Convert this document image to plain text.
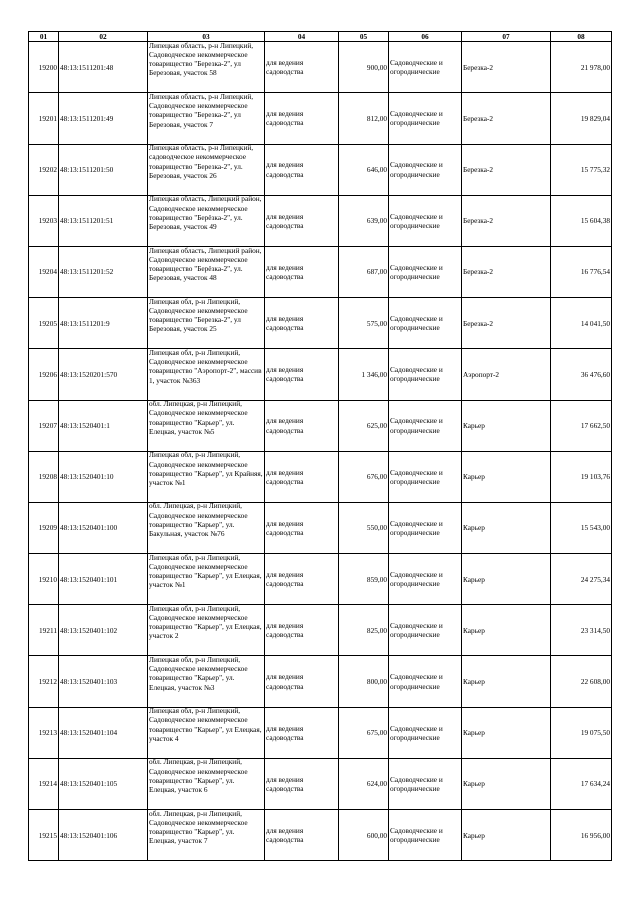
01	02	03	04	05	06	07	08
19200	48:13:1511201:48	Липецкая область, р-н Липецкий, Садоводческое некоммерческое товарищество "Березка-2", ул Березовая, участок 58	для ведения садоводства	900,00	Садоводческие и огороднические	Березка-2	21 978,00
19201	48:13:1511201:49	Липецкая область, р-н Липецкий, Садоводческое некоммерческое товарищество "Березка-2", ул Березовая, участок 7	для ведения садоводства	812,00	Садоводческие и огороднические	Березка-2	19 829,04
19202	48:13:1511201:50	Липецкая область, р-н Липецкий, садоводческое некоммерческое товарищество "Березка-2", ул. Березовая, участок 26	для ведения садоводства	646,00	Садоводческие и огороднические	Березка-2	15 775,32
19203	48:13:1511201:51	Липецкая область, Липецкий район, Садоводческое некоммерческое товарищество "Берёзка-2", ул. Березовая, участок 49	для ведения садоводства	639,00	Садоводческие и огороднические	Березка-2	15 604,38
19204	48:13:1511201:52	Липецкая область, Липецкий район, Садоводческое некоммерческое товарищество "Берёзка-2", ул. Березовая, участок 48	для ведения садоводства	687,00	Садоводческие и огороднические	Березка-2	16 776,54
19205	48:13:1511201:9	Липецкая обл, р-н Липецкий, Садоводческое некоммерческое товарищество "Березка-2", ул Березовая, участок 25	для ведения садоводства	575,00	Садоводческие и огороднические	Березка-2	14 041,50
19206	48:13:1520201:570	Липецкая обл, р-н Липецкий, Садоводческое некоммерческое товарищество "Аэропорт-2", массив 1, участок №363	для ведения садоводства	1 346,00	Садоводческие и огороднические	Аэропорт-2	36 476,60
19207	48:13:1520401:1	обл. Липецкая, р-н Липецкий, Садоводческое некоммерческое товарищество "Карьер", ул. Елецкая, участок №5	для ведения садоводства	625,00	Садоводческие и огороднические	Карьер	17 662,50
19208	48:13:1520401:10	Липецкая обл, р-н Липецкий, Садоводческое некоммерческое товарищество "Карьер", ул Крайняя, участок №1	для ведения садоводства	676,00	Садоводческие и огороднические	Карьер	19 103,76
19209	48:13:1520401:100	обл. Липецкая, р-н Липецкий, Садоводческое некоммерческое товарищество "Карьер", ул. Бакульная, участок №76	для ведения садоводства	550,00	Садоводческие и огороднические	Карьер	15 543,00
19210	48:13:1520401:101	Липецкая обл, р-н Липецкий, Садоводческое некоммерческое товарищество "Карьер", ул Елецкая, участок №1	для ведения садоводства	859,00	Садоводческие и огороднические	Карьер	24 275,34
19211	48:13:1520401:102	Липецкая обл, р-н Липецкий, Садоводческое некоммерческое товарищество "Карьер", ул Елецкая, участок 2	для ведения садоводства	825,00	Садоводческие и огороднические	Карьер	23 314,50
19212	48:13:1520401:103	Липецкая обл, р-н Липецкий, Садоводческое некоммерческое товарищество "Карьер", ул. Елецкая, участок №3	для ведения садоводства	800,00	Садоводческие и огороднические	Карьер	22 608,00
19213	48:13:1520401:104	Липецкая обл, р-н Липецкий, Садоводческое некоммерческое товарищество "Карьер", ул Елецкая, участок 4	для ведения садоводства	675,00	Садоводческие и огороднические	Карьер	19 075,50
19214	48:13:1520401:105	обл. Липецкая, р-н Липецкий, Садоводческое некоммерческое товарищество "Карьер", ул. Елецкая, участок 6	для ведения садоводства	624,00	Садоводческие и огороднические	Карьер	17 634,24
19215	48:13:1520401:106	обл. Липецкая, р-н Липецкий, Садоводческое некоммерческое товарищество "Карьер", ул. Елецкая, участок 7	для ведения садоводства	600,00	Садоводческие и огороднические	Карьер	16 956,00
